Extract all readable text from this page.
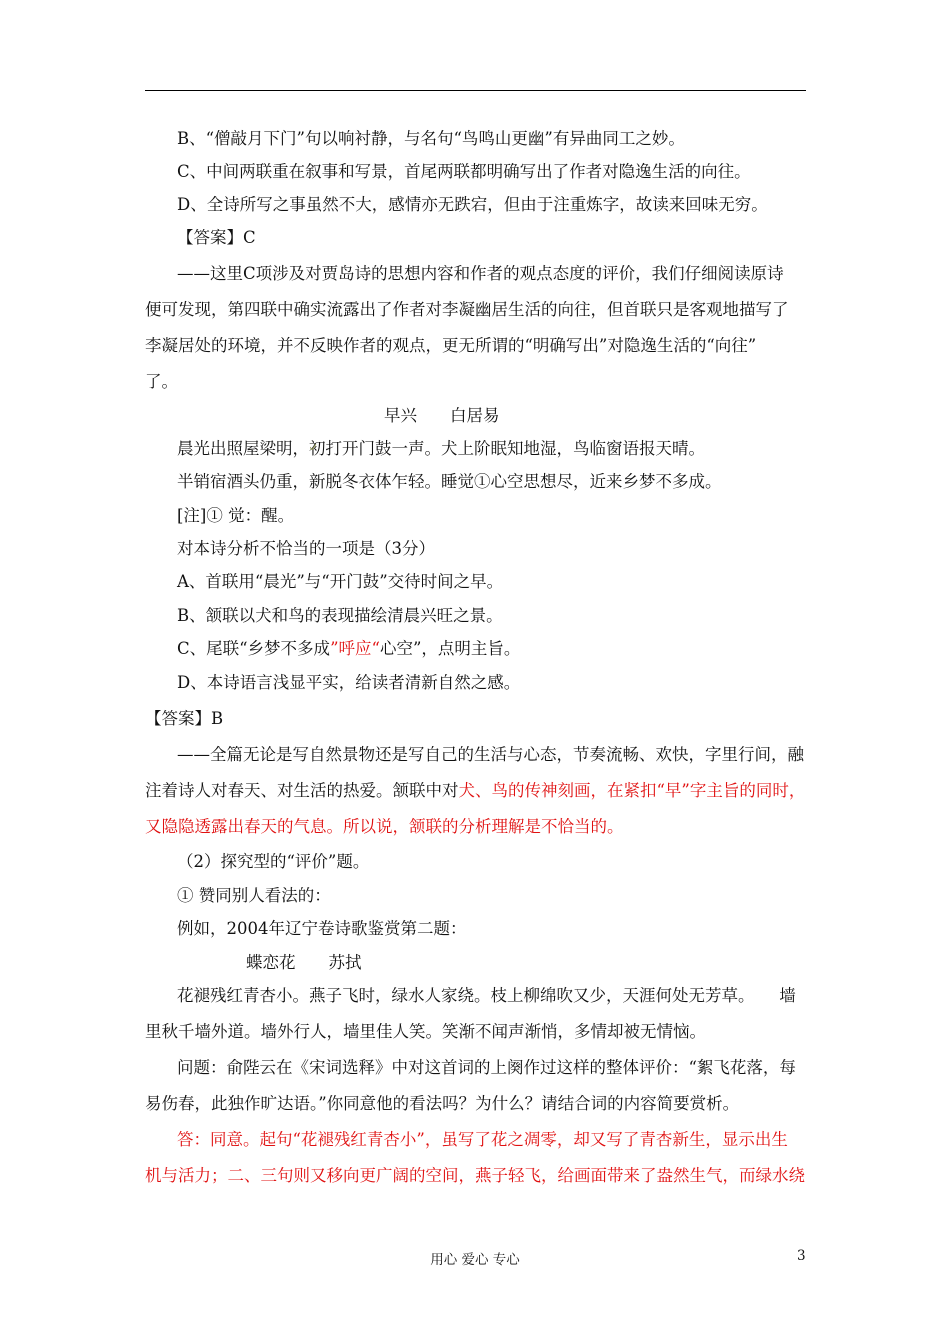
B、“僧敲月下门”句以响衬静，与名句“鸟鸣山更幽”有异曲同工之妙。
C、中间两联重在叙事和写景，首尾两联都明确写出了作者对隐逸生活的向往。
D、全诗所写之事虽然不大，感情亦无跌宕，但由于注重炼字，故读来回味无穷。
【答案】C
——这里C项涉及对贾岛诗的思想内容和作者的观点态度的评价，我们仔细阅读原诗
便可发现，第四联中确实流露出了作者对李凝幽居生活的向往，但首联只是客观地描写了
李凝居处的环境，并不反映作者的观点，更无所谓的“明确写出”对隐逸生活的“向往”
了。
早兴　　白居易
晨光出照屋梁明，初打开门鼓一声。犬上阶眠知地湿，鸟临窗语报天晴。
半销宿酒头仍重，新脱冬衣体乍轻。睡觉①心空思想尽，近来乡梦不多成。
[注]① 觉：醒。
对本诗分析不恰当的一项是（3分）
A、首联用“晨光”与“开门鼓”交待时间之早。
B、颔联以犬和鸟的表现描绘清晨兴旺之景。
C、尾联“乡梦不多成”呼应“心空”，点明主旨。
D、本诗语言浅显平实，给读者清新自然之感。
【答案】B
——全篇无论是写自然景物还是写自己的生活与心态，节奏流畅、欢快，字里行间，融
注着诗人对春天、对生活的热爱。颔联中对犬、鸟的传神刻画，在紧扣“早”字主旨的同时，
又隐隐透露出春天的气息。所以说，颔联的分析理解是不恰当的。
（2）探究型的“评价”题。
① 赞同别人看法的：
例如，2004年辽宁卷诗歌鉴赏第二题：
蝶恋花　　苏拭
花褪残红青杏小。燕子飞时，绿水人家绕。枝上柳绵吹又少，天涯何处无芳草。　　墙
里秋千墙外道。墙外行人，墙里佳人笑。笑渐不闻声渐悄，多情却被无情恼。
问题：俞陛云在《宋词选释》中对这首词的上阕作过这样的整体评价：“絮飞花落，每
易伤春，此独作旷达语。”你同意他的看法吗？为什么？请结合词的内容简要赏析。
答：同意。起句“花褪残红青杏小”，虽写了花之凋零，却又写了青杏新生，显示出生
机与活力；二、三句则又移向更广阔的空间，燕子轻飞，给画面带来了盎然生气，而绿水绕
用心 爱心 专心	3
